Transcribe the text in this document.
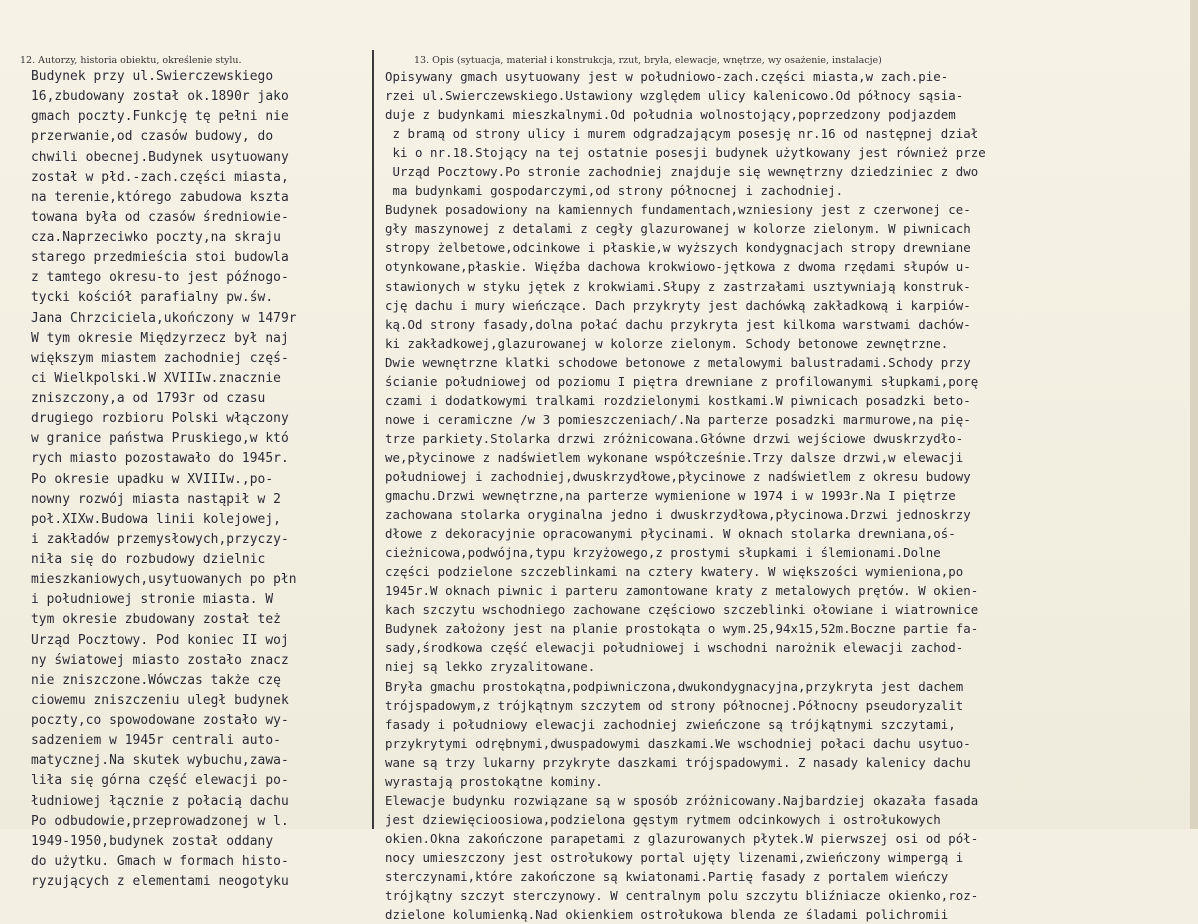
12. Autorzy, historia obiektu, określenie stylu.	13. Opis (sytuacja, materiał i konstrukcja, rzut, bryła, elewacje, wnętrze, wy osażenie, instalacje)
Budynek przy ul.Swierczewskiego
16,zbudowany został ok.1890r jako
gmach poczty.Funkcję tę pełni nie
przerwanie,od czasów budowy, do
chwili obecnej.Budynek usytuowany
został w płd.-zach.części miasta,
na terenie,którego zabudowa kszta
towana była od czasów średniowie-
cza.Naprzeciwko poczty,na skraju
starego przedmieścia stoi budowla
z tamtego okresu-to jest późnogo-
tycki kościół parafialny pw.św.
Jana Chrzciciela,ukończony w 1479r
W tym okresie Międzyrzecz był naj
większym miastem zachodniej częś-
ci Wielkpolski.W XVIIIw.znacznie
zniszczony,a od 1793r od czasu
drugiego rozbioru Polski włączony
w granice państwa Pruskiego,w któ
rych miasto pozostawało do 1945r.
Po okresie upadku w XVIIIw.,po-
nowny rozwój miasta nastąpił w 2
poł.XIXw.Budowa linii kolejowej,
i zakładów przemysłowych,przyczy-
niła się do rozbudowy dzielnic
mieszkaniowych,usytuowanych po płn
i południowej stronie miasta. W
tym okresie zbudowany został też
Urząd Pocztowy. Pod koniec II woj
ny światowej miasto zostało znacz
nie zniszczone.Wówczas także czę
ciowemu zniszczeniu uległ budynek
poczty,co spowodowane zostało wy-
sadzeniem w 1945r centrali auto-
matycznej.Na skutek wybuchu,zawa-
liła się górna część elewacji po-
łudniowej łącznie z połacią dachu
Po odbudowie,przeprowadzonej w l.
1949-1950,budynek został oddany
do użytku. Gmach w formach histo-
ryzujących z elementami neogotyku
Opisywany gmach usytuowany jest w południowo-zach.części miasta,w zach.pie-
rzei ul.Swierczewskiego.Ustawiony względem ulicy kalenicowo.Od północy sąsia-
duje z budynkami mieszkalnymi.Od południa wolnostojący,poprzedzony podjazdem
z bramą od strony ulicy i murem odgradzającym posesję nr.16 od następnej dział
ki o nr.18.Stojący na tej ostatnie posesji budynek użytkowany jest również prze
Urząd Pocztowy.Po stronie zachodniej znajduje się wewnętrzny dziedziniec z dwo
ma budynkami gospodarczymi,od strony północnej i zachodniej.
Budynek posadowiony na kamiennych fundamentach,wzniesiony jest z czerwonej ce-
gły maszynowej z detalami z cegły glazurowanej w kolorze zielonym. W piwnicach
stropy żelbetowe,odcinkowe i płaskie,w wyższych kondygnacjach stropy drewniane
otynkowane,płaskie. Więźba dachowa krokwiowo-jętkowa z dwoma rzędami słupów u-
stawionych w styku jętek z krokwiami.Słupy z zastrzałami usztywniają konstruk-
cję dachu i mury wieńczące. Dach przykryty jest dachówką zakładkową i karpiów-
ką.Od strony fasady,dolna połać dachu przykryta jest kilkoma warstwami dachów-
ki zakładkowej,glazurowanej w kolorze zielonym. Schody betonowe zewnętrzne.
Dwie wewnętrzne klatki schodowe betonowe z metalowymi balustradami.Schody przy
ścianie południowej od poziomu I piętra drewniane z profilowanymi słupkami,porę
czami i dodatkowymi tralkami rozdzielonymi kostkami.W piwnicach posadzki beto-
nowe i ceramiczne /w 3 pomieszczeniach/.Na parterze posadzki marmurowe,na pię-
trze parkiety.Stolarka drzwi zróżnicowana.Główne drzwi wejściowe dwuskrzydło-
we,płycinowe z nadświetlem wykonane współcześnie.Trzy dalsze drzwi,w elewacji
południowej i zachodniej,dwuskrzydłowe,płycinowe z nadświetlem z okresu budowy
gmachu.Drzwi wewnętrzne,na parterze wymienione w 1974 i w 1993r.Na I piętrze
zachowana stolarka oryginalna jedno i dwuskrzydłowa,płycinowa.Drzwi jednoskrzy
dłowe z dekoracyjnie opracowanymi płycinami. W oknach stolarka drewniana,oś-
cieżnicowa,podwójna,typu krzyżowego,z prostymi słupkami i ślemionami.Dolne
części podzielone szczeblinkami na cztery kwatery. W większości wymieniona,po
1945r.W oknach piwnic i parteru zamontowane kraty z metalowych prętów. W okien-
kach szczytu wschodniego zachowane częściowo szczeblinki ołowiane i wiatrownice
Budynek założony jest na planie prostokąta o wym.25,94x15,52m.Boczne partie fa-
sady,środkowa część elewacji południowej i wschodni narożnik elewacji zachod-
niej są lekko zryzalitowane.
Bryła gmachu prostokątna,podpiwniczona,dwukondygnacyjna,przykryta jest dachem
trójspadowym,z trójkątnym szczytem od strony północnej.Północny pseudoryzalit
fasady i południowy elewacji zachodniej zwieńczone są trójkątnymi szczytami,
przykrytymi odrębnymi,dwuspadowymi daszkami.We wschodniej połaci dachu usytuo-
wane są trzy lukarny przykryte daszkami trójspadowymi. Z nasady kalenicy dachu
wyrastają prostokątne kominy.
Elewacje budynku rozwiązane są w sposób zróżnicowany.Najbardziej okazała fasada
jest dziewięcioosiowa,podzielona gęstym rytmem odcinkowych i ostrołukowych
okien.Okna zakończone parapetami z glazurowanych płytek.W pierwszej osi od pół-
nocy umieszczony jest ostrołukowy portal ujęty lizenami,zwieńczony wimpergą i
sterczynami,które zakończone są kwiatonami.Partię fasady z portalem wieńczy
trójkątny szczyt sterczynowy. W centralnym polu szczytu bliźniacze okienko,roz-
dzielone kolumienką.Nad okienkiem ostrołukowa blenda ze śladami polichromii
